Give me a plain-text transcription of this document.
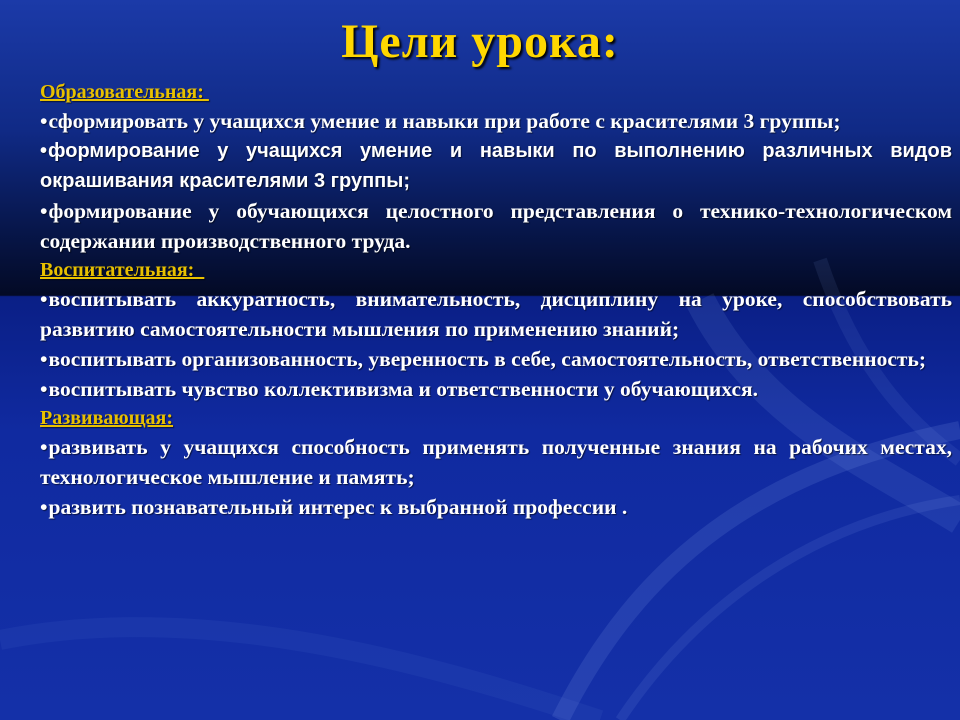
Цели урока:
Образовательная:
•сформировать у учащихся умение и навыки при работе с красителями 3 группы;
•формирование у учащихся умение и навыки по выполнению различных видов окрашивания красителями 3 группы;
•формирование у обучающихся целостного представления о технико-технологическом содержании производственного труда.
Воспитательная:
•воспитывать аккуратность, внимательность, дисциплину на уроке, способствовать развитию самостоятельности мышления по применению знаний;
•воспитывать организованность, уверенность в себе, самостоятельность, ответственность;
•воспитывать чувство коллективизма и ответственности у обучающихся.
Развивающая:
•развивать у учащихся способность применять полученные знания на рабочих местах, технологическое мышление и память;
•развить познавательный интерес к выбранной профессии .
